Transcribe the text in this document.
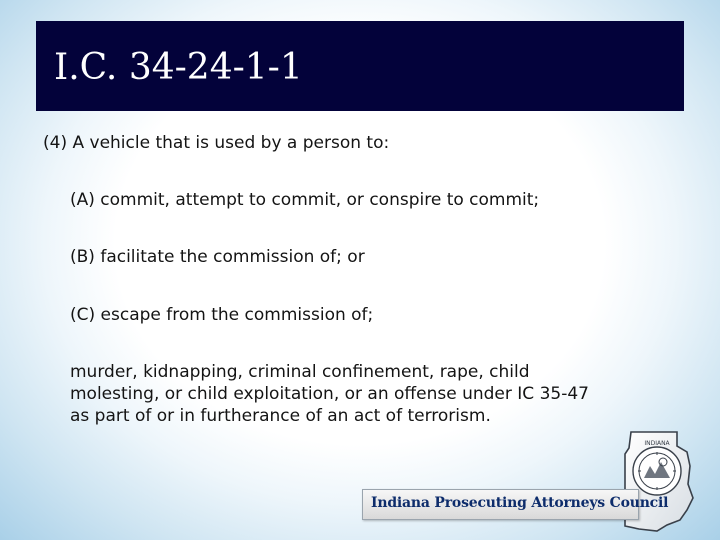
I.C. 34-24-1-1
(4) A vehicle that is used by a person to:
(A) commit, attempt to commit, or conspire to commit;
(B) facilitate the commission of; or
(C) escape from the commission of;
murder, kidnapping, criminal confinement, rape, child
molesting, or child exploitation, or an offense under IC 35-47
as part of or in furtherance of an act of terrorism.
INDIANA
Indiana Prosecuting Attorneys Council
